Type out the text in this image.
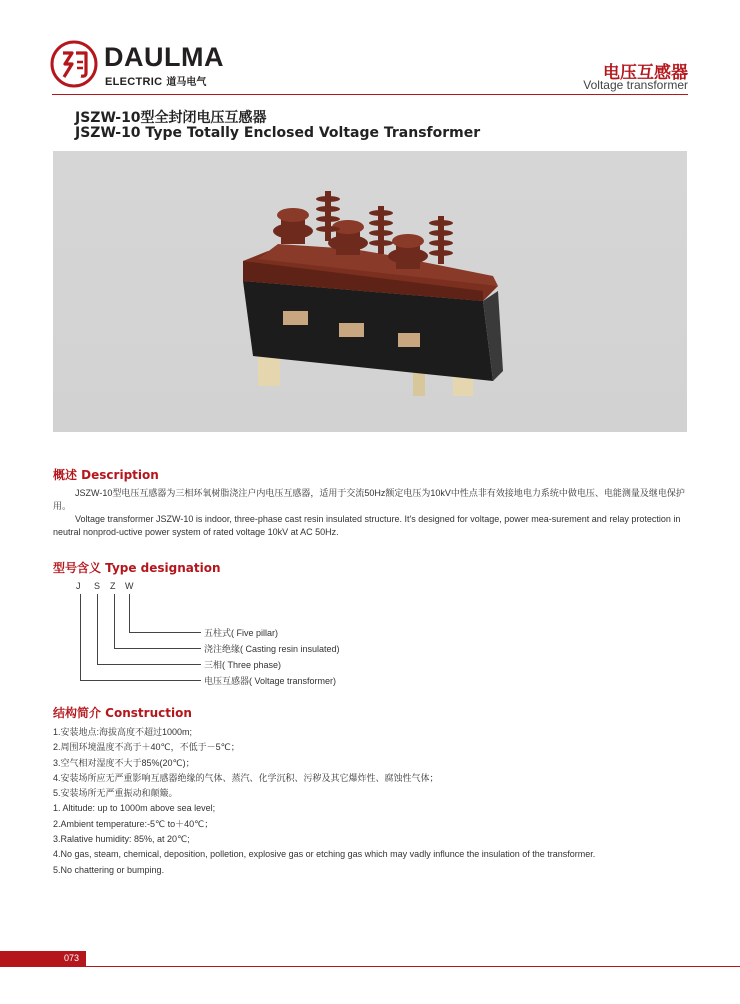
DAULMA
ELECTRIC 道马电气	电压互感器
Voltage transformer
JSZW-10型全封闭电压互感器
JSZW-10 Type Totally Enclosed Voltage Transformer
概述 Description

JSZW-10型电压互感器为三相环氧树脂浇注户内电压互感器，适用于交流50Hz额定电压为10kV中性点非有效接地电力系统中做电压、电能测量及继电保护用。

Voltage transformer JSZW-10 is indoor, three-phase cast resin insulated structure. It's designed for voltage, power mea-surement and relay protection in neutral nonprod-uctive power system of rated voltage 10kV at AC 50Hz.

型号含义 Type designation
J S Z W
五柱式( Five pillar)
浇注绝缘( Casting resin insulated)
三相( Three phase)
电压互感器( Voltage transformer)
结构简介 Construction
1.安装地点:海拔高度不超过1000m;
2.周围环境温度不高于＋40℃，不低于－5℃；
3.空气相对湿度不大于85%(20℃)；
4.安装场所应无严重影响互感器绝缘的气体、蒸汽、化学沉积、污秽及其它爆炸性、腐蚀性气体；
5.安装场所无严重振动和颠簸。
1. Altitude: up to 1000m above sea level;
2.Ambient temperature:-5℃ to＋40℃；
3.Ralative humidity: 85%, at 20℃;
4.No gas, steam, chemical, deposition, polletion, explosive gas or etching gas which may vadly influnce the insulation of the transformer.
5.No chattering or bumping.
073
